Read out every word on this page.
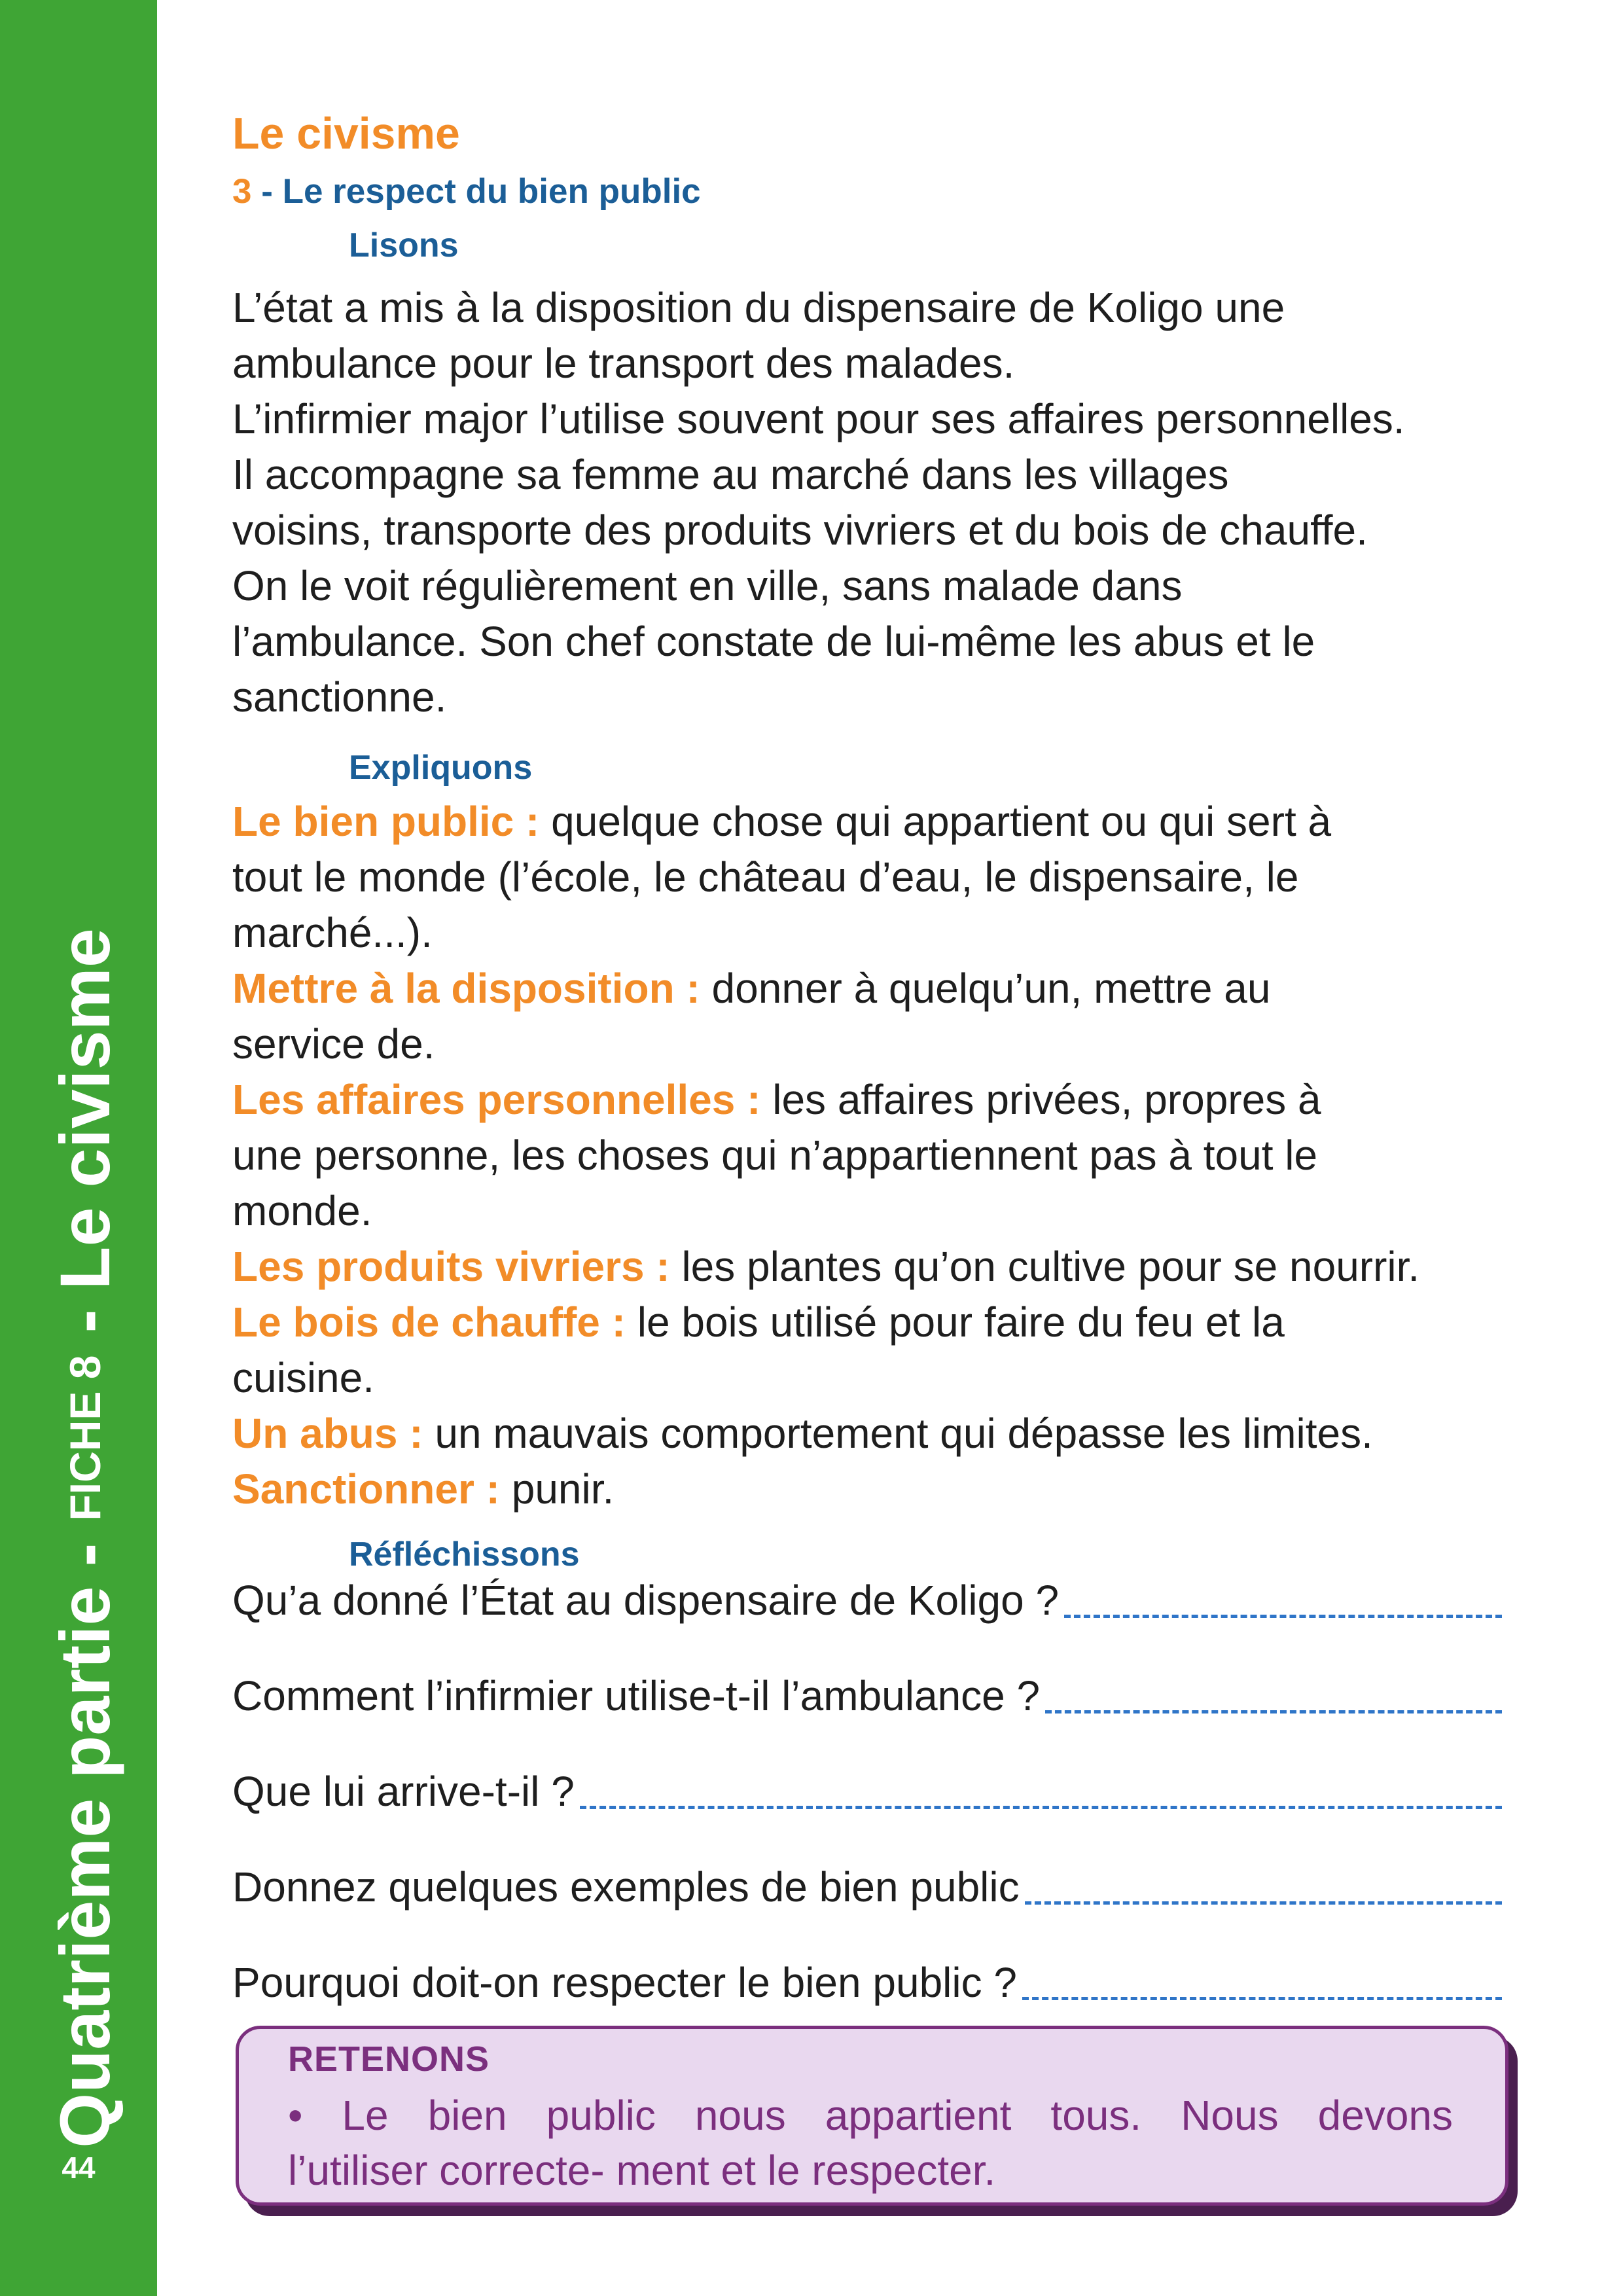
Quatrième partie -

FICHE 8

-

Le civisme
44
Le civisme
3 - Le respect du bien public
Lisons
L’état a mis à la disposition du dispensaire de Koligo une
ambulance pour le transport des malades.
L’infirmier major l’utilise souvent pour ses affaires personnelles.
Il accompagne sa femme au marché dans les villages
voisins, transporte des produits vivriers et du bois de chauffe.
On le voit régulièrement en ville, sans malade dans
l’ambulance. Son chef constate de lui-même les abus et le
sanctionne.
Expliquons
Le bien public : quelque chose qui appartient ou qui sert à
tout le monde (l’école, le château d’eau, le dispensaire, le
marché...).
Mettre à la disposition : donner à quelqu’un, mettre au
service de.
Les affaires personnelles : les affaires privées, propres à
une personne, les choses qui n’appartiennent pas à tout le
monde.
Les produits vivriers : les plantes qu’on cultive pour se nourrir.
Le bois de chauffe : le bois utilisé pour faire du feu et la
cuisine.
Un abus : un mauvais comportement qui dépasse les limites.
Sanctionner : punir.
Réfléchissons
Qu’a donné l’État au dispensaire de Koligo ?
Comment l’infirmier utilise-t-il l’ambulance ?
Que lui arrive-t-il ?
Donnez quelques exemples de bien public
Pourquoi doit-on respecter le bien public ?
RETENONS
• Le bien public nous appartient tous. Nous devons
l’utiliser correcte- ment et le respecter.
